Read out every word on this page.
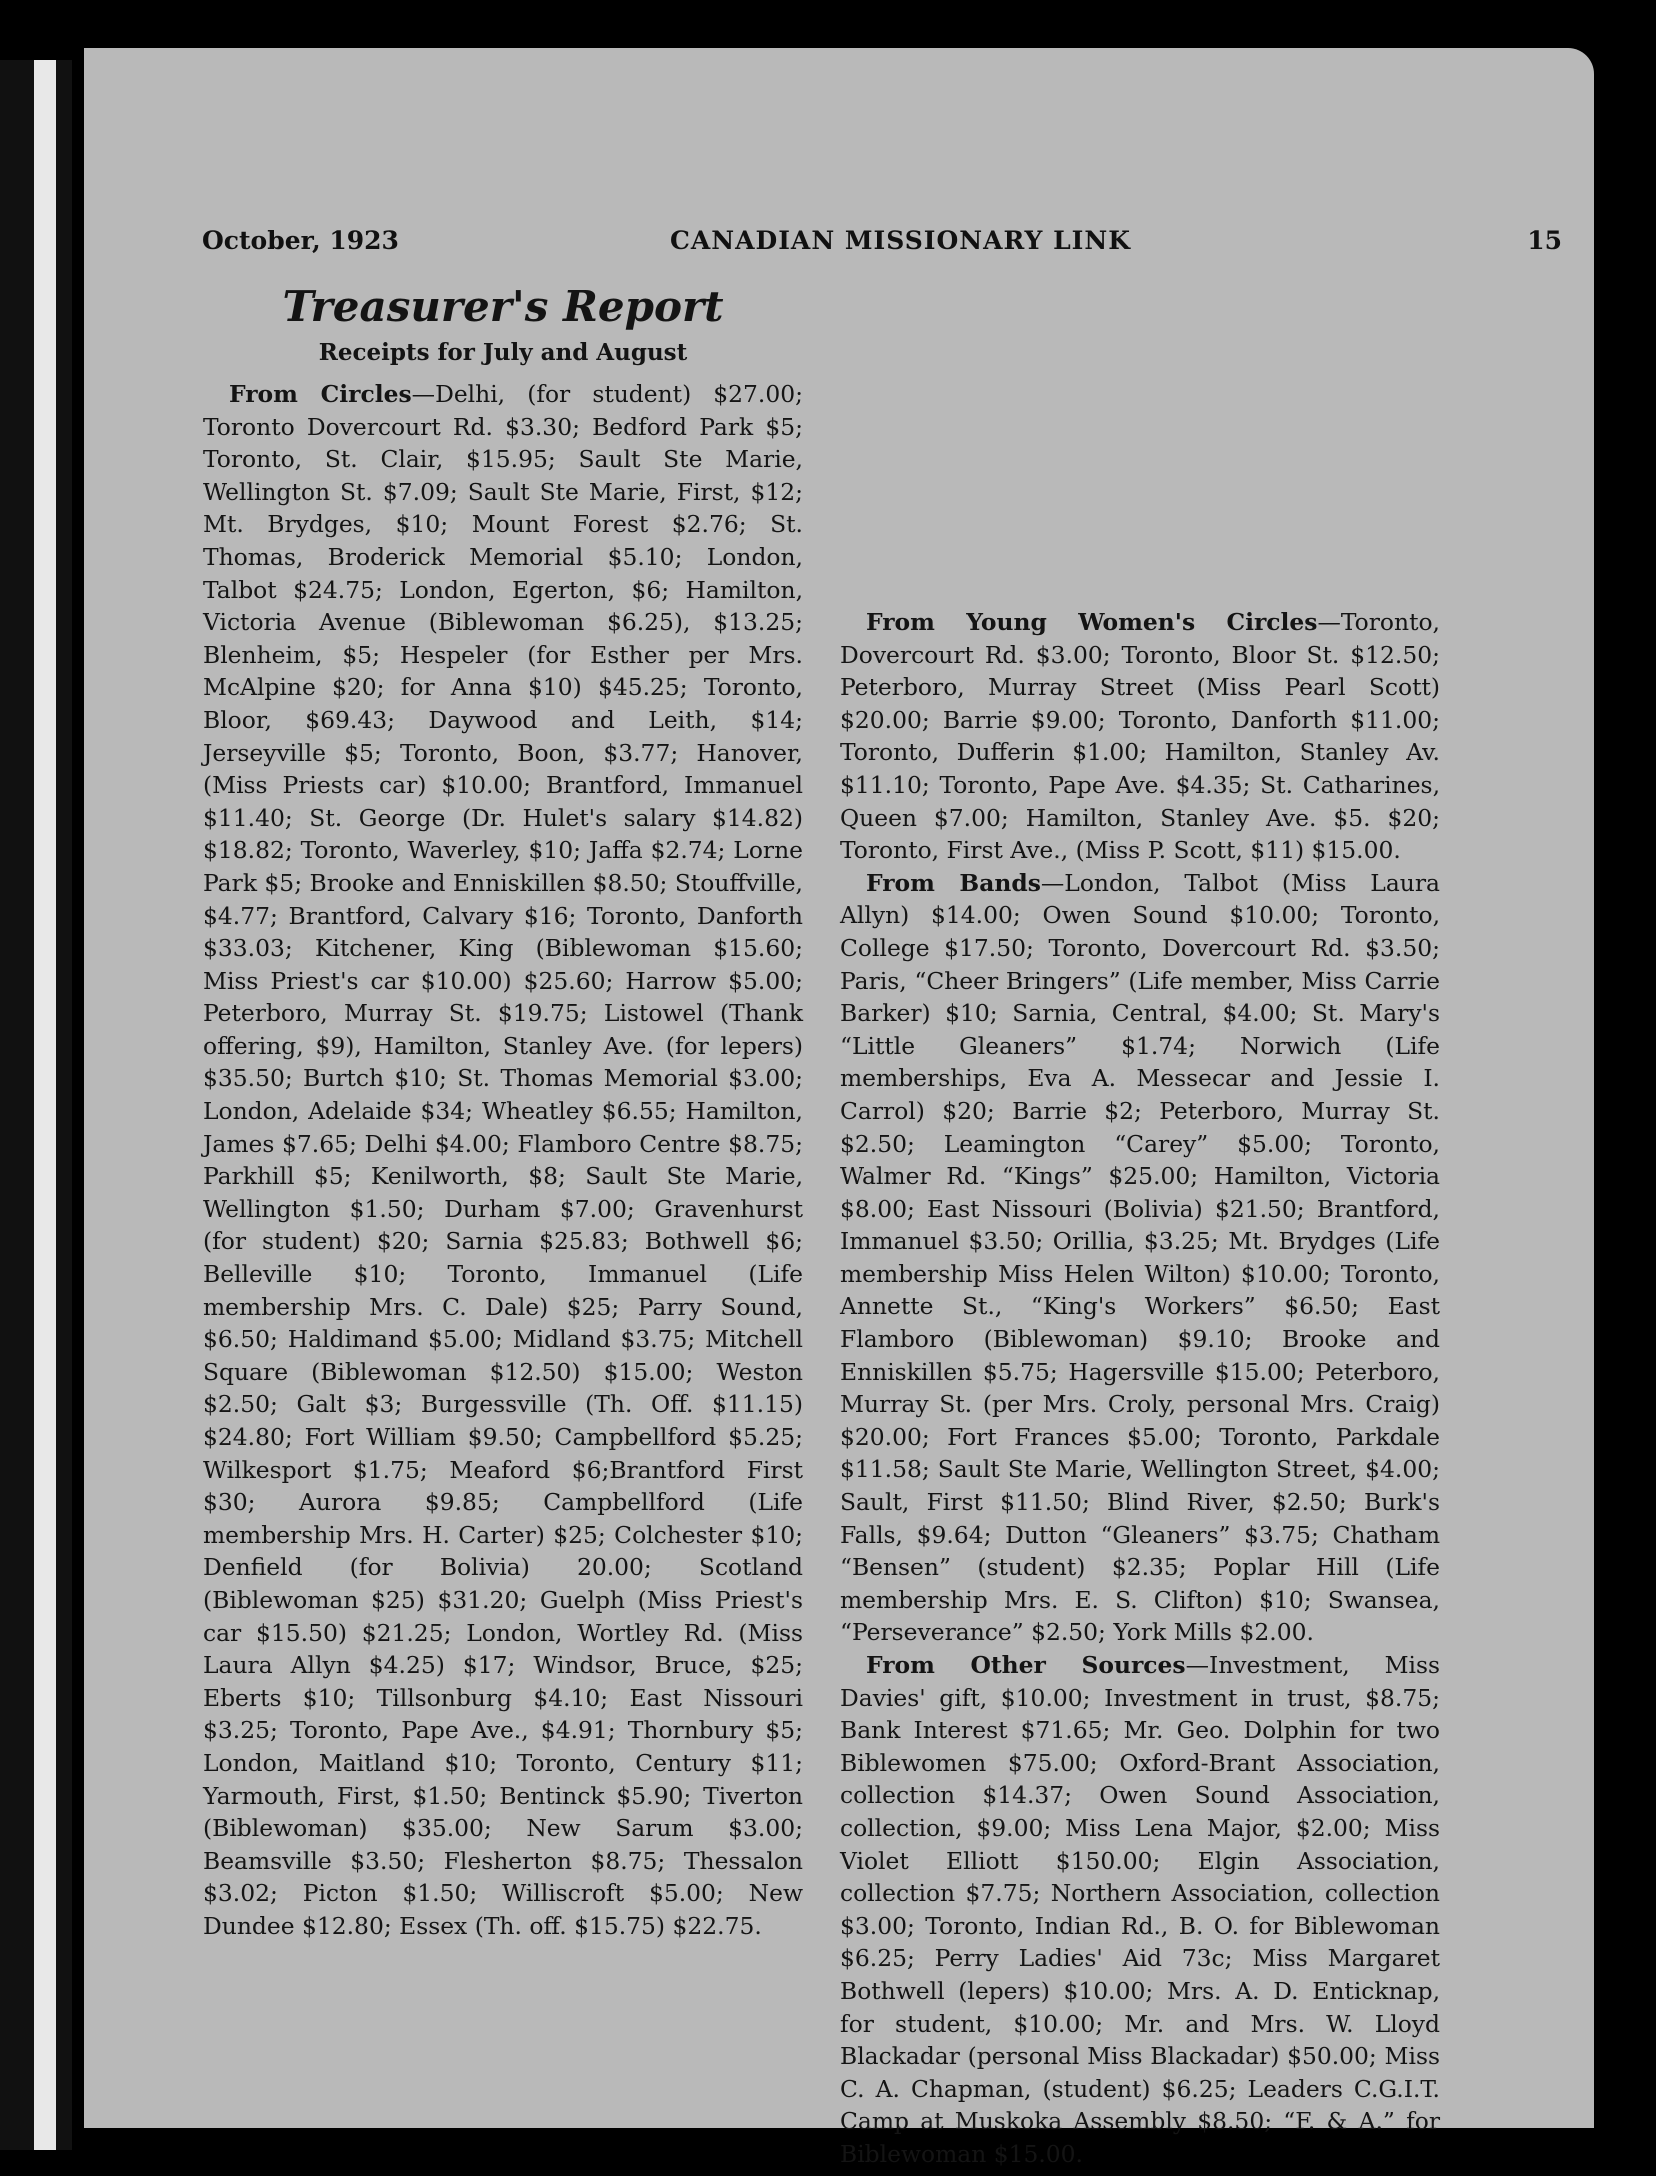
October, 1923	CANADIAN MISSIONARY LINK	15
Treasurer's Report

Receipts for July and August

From Circles—Delhi, (for student) $27.00; Toronto Dovercourt Rd. $3.30; Bedford Park $5; Toronto, St. Clair, $15.95; Sault Ste Marie, Wellington St. $7.09; Sault Ste Marie, First, $12; Mt. Brydges, $10; Mount Forest $2.76; St. Thomas, Broderick Memorial $5.10; London, Talbot $24.75; London, Egerton, $6; Hamilton, Victoria Avenue (Biblewoman $6.25), $13.25; Blenheim, $5; Hespeler (for Esther per Mrs. McAlpine $20; for Anna $10) $45.25; Toronto, Bloor, $69.43; Daywood and Leith, $14; Jerseyville $5; Toronto, Boon, $3.77; Hanover, (Miss Priests car) $10.00; Brantford, Immanuel $11.40; St. George (Dr. Hulet's salary $14.82) $18.82; Toronto, Waverley, $10; Jaffa $2.74; Lorne Park $5; Brooke and Enniskillen $8.50; Stouffville, $4.77; Brantford, Calvary $16; Toronto, Danforth $33.03; Kitchener, King (Biblewoman $15.60; Miss Priest's car $10.00) $25.60; Harrow $5.00; Peterboro, Murray St. $19.75; Listowel (Thank offering, $9), Hamilton, Stanley Ave. (for lepers) $35.50; Burtch $10; St. Thomas Memorial $3.00; London, Adelaide $34; Wheatley $6.55; Hamilton, James $7.65; Delhi $4.00; Flamboro Centre $8.75; Parkhill $5; Kenilworth, $8; Sault Ste Marie, Wellington $1.50; Durham $7.00; Gravenhurst (for student) $20; Sarnia $25.83; Bothwell $6; Belleville $10; Toronto, Immanuel (Life membership Mrs. C. Dale) $25; Parry Sound, $6.50; Haldimand $5.00; Midland $3.75; Mitchell Square (Biblewoman $12.50) $15.00; Weston $2.50; Galt $3; Burgessville (Th. Off. $11.15) $24.80; Fort William $9.50; Campbellford $5.25; Wilkesport $1.75; Meaford $6;Brantford First $30; Aurora $9.85; Campbellford (Life membership Mrs. H. Carter) $25; Colchester $10; Denfield (for Bolivia) 20.00; Scotland (Biblewoman $25) $31.20; Guelph (Miss Priest's car $15.50) $21.25; London, Wortley Rd. (Miss Laura Allyn $4.25) $17; Windsor, Bruce, $25; Eberts $10; Tillsonburg $4.10; East Nissouri $3.25; Toronto, Pape Ave., $4.91; Thornbury $5; London, Maitland $10; Toronto, Century $11; Yarmouth, First, $1.50; Bentinck $5.90; Tiverton (Biblewoman) $35.00; New Sarum $3.00; Beamsville $3.50; Flesherton $8.75; Thessalon $3.02; Picton $1.50; Williscroft $5.00; New Dundee $12.80; Essex (Th. off. $15.75) $22.75.

From Young Women's Circles—Toronto, Dovercourt Rd. $3.00; Toronto, Bloor St. $12.50; Peterboro, Murray Street (Miss Pearl Scott) $20.00; Barrie $9.00; Toronto, Danforth $11.00; Toronto, Dufferin $1.00; Hamilton, Stanley Av. $11.10; Toronto, Pape Ave. $4.35; St. Catharines, Queen $7.00; Hamilton, Stanley Ave. $5. $20; Toronto, First Ave., (Miss P. Scott, $11) $15.00.

From Bands—London, Talbot (Miss Laura Allyn) $14.00; Owen Sound $10.00; Toronto, College $17.50; Toronto, Dovercourt Rd. $3.50; Paris, “Cheer Bringers” (Life member, Miss Carrie Barker) $10; Sarnia, Central, $4.00; St. Mary's “Little Gleaners” $1.74; Norwich (Life memberships, Eva A. Messecar and Jessie I. Carrol) $20; Barrie $2; Peterboro, Murray St. $2.50; Leamington “Carey” $5.00; Toronto, Walmer Rd. “Kings” $25.00; Hamilton, Victoria $8.00; East Nissouri (Bolivia) $21.50; Brantford, Immanuel $3.50; Orillia, $3.25; Mt. Brydges (Life membership Miss Helen Wilton) $10.00; Toronto, Annette St., “King's Workers” $6.50; East Flamboro (Biblewoman) $9.10; Brooke and Enniskillen $5.75; Hagersville $15.00; Peterboro, Murray St. (per Mrs. Croly, personal Mrs. Craig) $20.00; Fort Frances $5.00; Toronto, Parkdale $11.58; Sault Ste Marie, Wellington Street, $4.00; Sault, First $11.50; Blind River, $2.50; Burk's Falls, $9.64; Dutton “Gleaners” $3.75; Chatham “Bensen” (student) $2.35; Poplar Hill (Life membership Mrs. E. S. Clifton) $10; Swansea, “Perseverance” $2.50; York Mills $2.00.

From Other Sources—Investment, Miss Davies' gift, $10.00; Investment in trust, $8.75; Bank Interest $71.65; Mr. Geo. Dolphin for two Biblewomen $75.00; Oxford-Brant Association, collection $14.37; Owen Sound Association, collection, $9.00; Miss Lena Major, $2.00; Miss Violet Elliott $150.00; Elgin Association, collection $7.75; Northern Association, collection $3.00; Toronto, Indian Rd., B. O. for Biblewoman $6.25; Perry Ladies' Aid 73c; Miss Margaret Bothwell (lepers) $10.00; Mrs. A. D. Enticknap, for student, $10.00; Mr. and Mrs. W. Lloyd Blackadar (personal Miss Blackadar) $50.00; Miss C. A. Chapman, (student) $6.25; Leaders C.G.I.T. Camp at Muskoka Assembly $8.50; “F. & A.” for Biblewoman $15.00.
